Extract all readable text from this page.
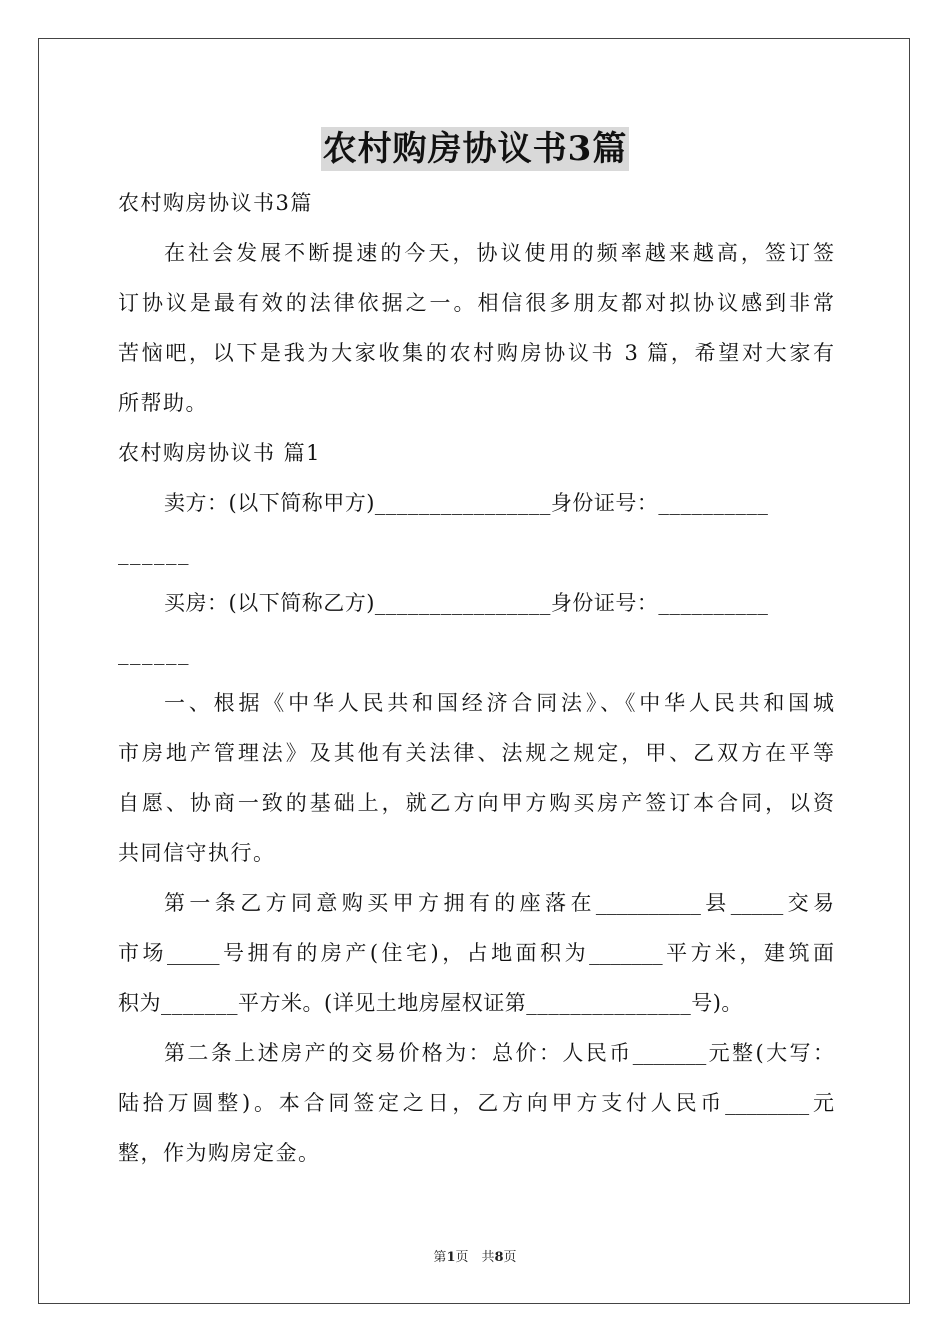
农村购房协议书3篇
农村购房协议书3篇
在社会发展不断提速的今天，协议使用的频率越来越高，签订签
订协议是最有效的法律依据之一。相信很多朋友都对拟协议感到非常
苦恼吧，以下是我为大家收集的农村购房协议书 3 篇，希望对大家有
所帮助。
农村购房协议书 篇1
卖方：(以下简称甲方)________________身份证号：__________
______
买房：(以下简称乙方)________________身份证号：__________
______
一、根据《中华人民共和国经济合同法》、《中华人民共和国城
市房地产管理法》及其他有关法律、法规之规定，甲、乙双方在平等
自愿、协商一致的基础上，就乙方向甲方购买房产签订本合同，以资
共同信守执行。
第一条乙方同意购买甲方拥有的座落在__________县_____交易
市场_____号拥有的房产(住宅)，占地面积为_______平方米，建筑面
积为_______平方米。(详见土地房屋权证第_______________号)。
第二条上述房产的交易价格为：总价：人民币_______元整(大写：
陆拾万圆整)。本合同签定之日，乙方向甲方支付人民币________元
整，作为购房定金。
第1页　共8页
